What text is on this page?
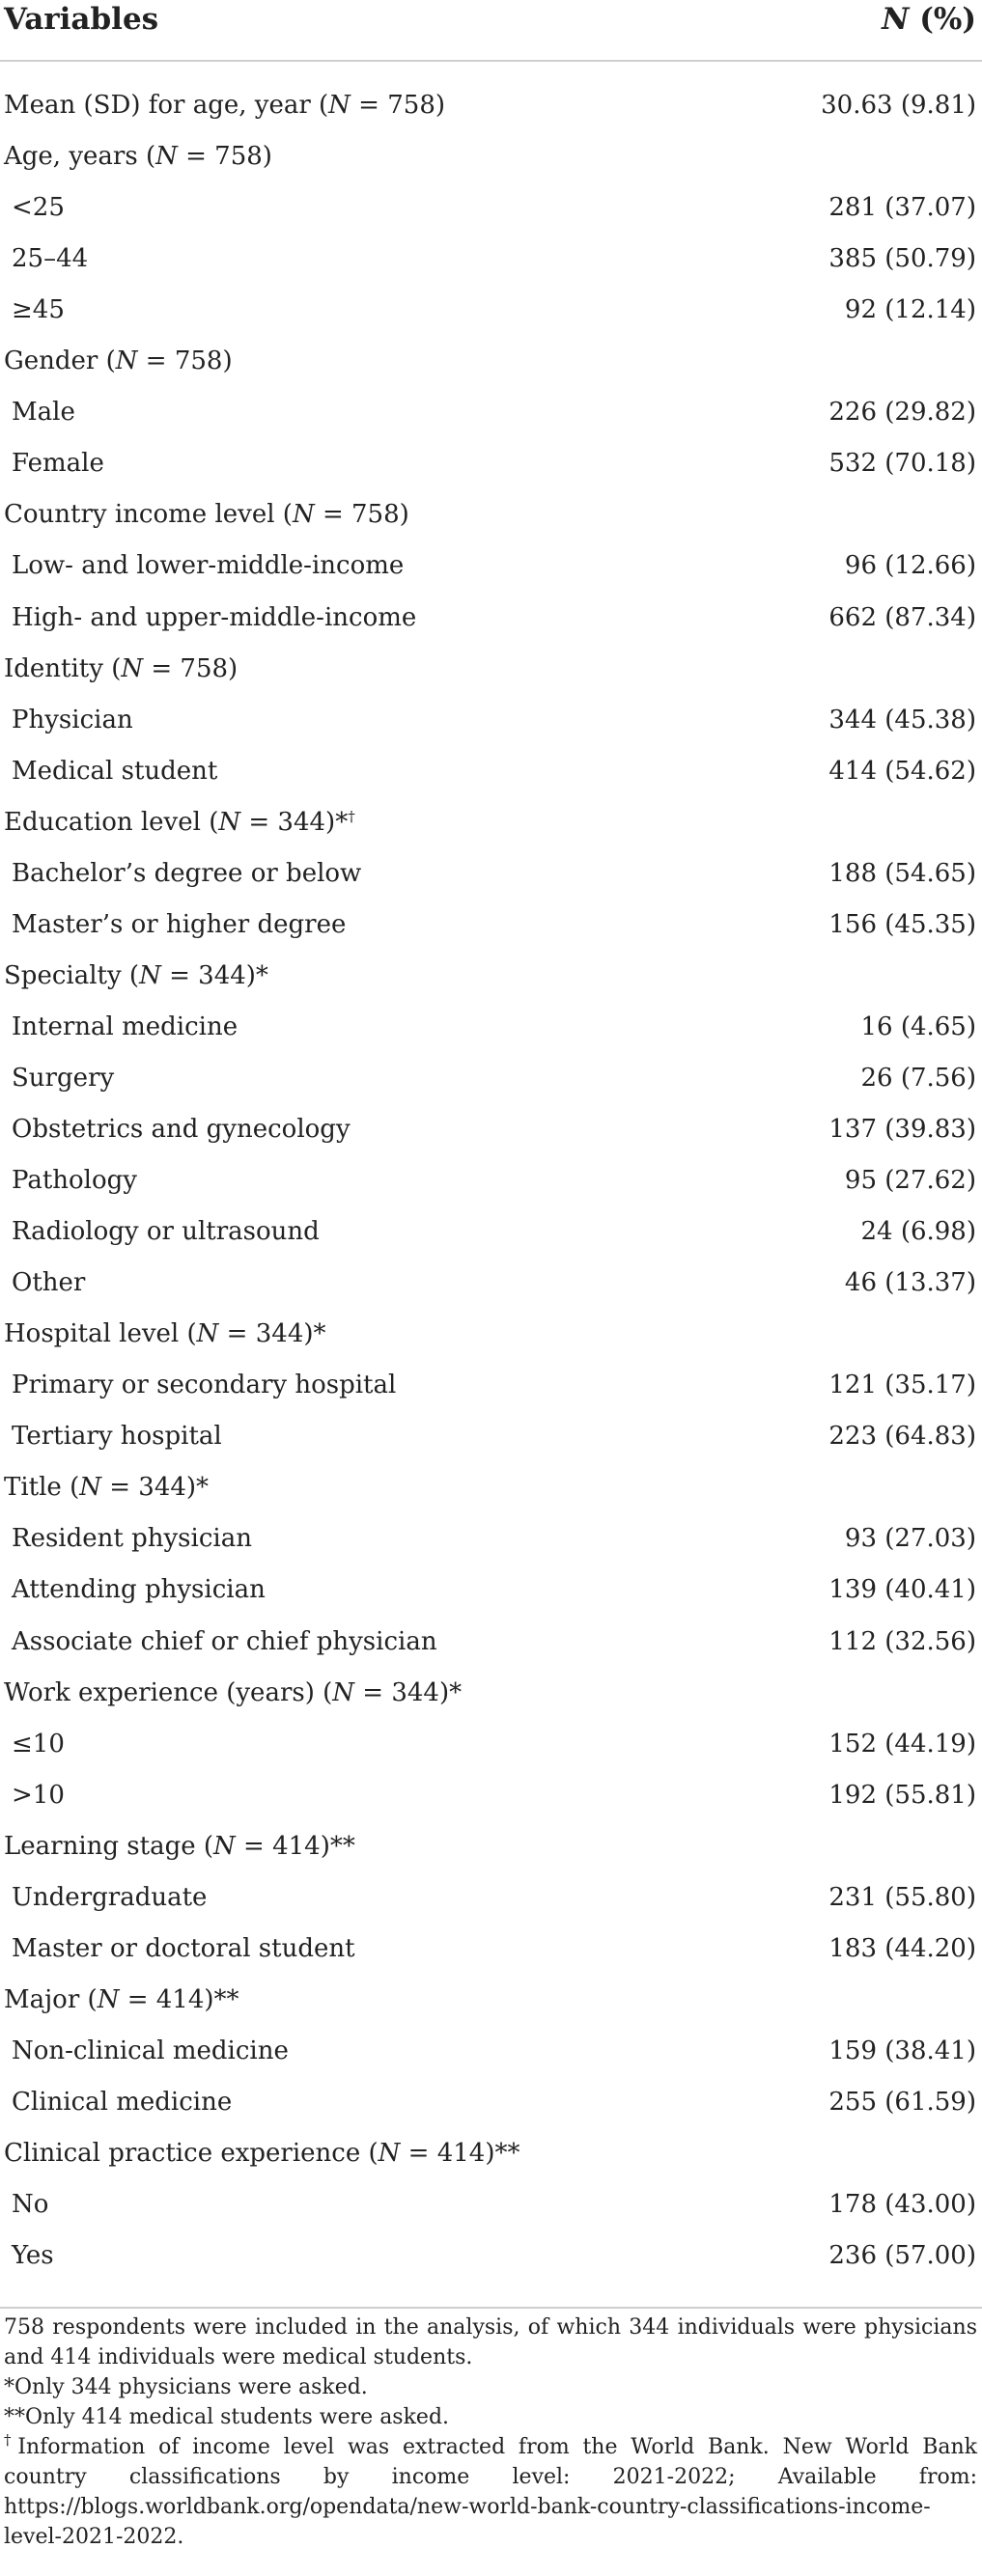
Variables	N (%)
Mean (SD) for age, year (N = 758)	30.63 (9.81)
Age, years (N = 758)
<25	281 (37.07)
25–44	385 (50.79)
≥45	92 (12.14)
Gender (N = 758)
Male	226 (29.82)
Female	532 (70.18)
Country income level (N = 758)
Low- and lower-middle-income	96 (12.66)
High- and upper-middle-income	662 (87.34)
Identity (N = 758)
Physician	344 (45.38)
Medical student	414 (54.62)
Education level (N = 344)*†
Bachelor’s degree or below	188 (54.65)
Master’s or higher degree	156 (45.35)
Specialty (N = 344)*
Internal medicine	16 (4.65)
Surgery	26 (7.56)
Obstetrics and gynecology	137 (39.83)
Pathology	95 (27.62)
Radiology or ultrasound	24 (6.98)
Other	46 (13.37)
Hospital level (N = 344)*
Primary or secondary hospital	121 (35.17)
Tertiary hospital	223 (64.83)
Title (N = 344)*
Resident physician	93 (27.03)
Attending physician	139 (40.41)
Associate chief or chief physician	112 (32.56)
Work experience (years) (N = 344)*
≤10	152 (44.19)
>10	192 (55.81)
Learning stage (N = 414)**
Undergraduate	231 (55.80)
Master or doctoral student	183 (44.20)
Major (N = 414)**
Non-clinical medicine	159 (38.41)
Clinical medicine	255 (61.59)
Clinical practice experience (N = 414)**
No	178 (43.00)
Yes	236 (57.00)

758 respondents were included in the analysis, of which 344 individuals were physicians and 414 individuals were medical students.

*Only 344 physicians were asked.

**Only 414 medical students were asked.

†Information of income level was extracted from the World Bank. New World Bank country classifications by income level: 2021-2022; Available from: https://blogs.worldbank.org/opendata/new-world-bank-country-classifications-income-level-2021-2022.
